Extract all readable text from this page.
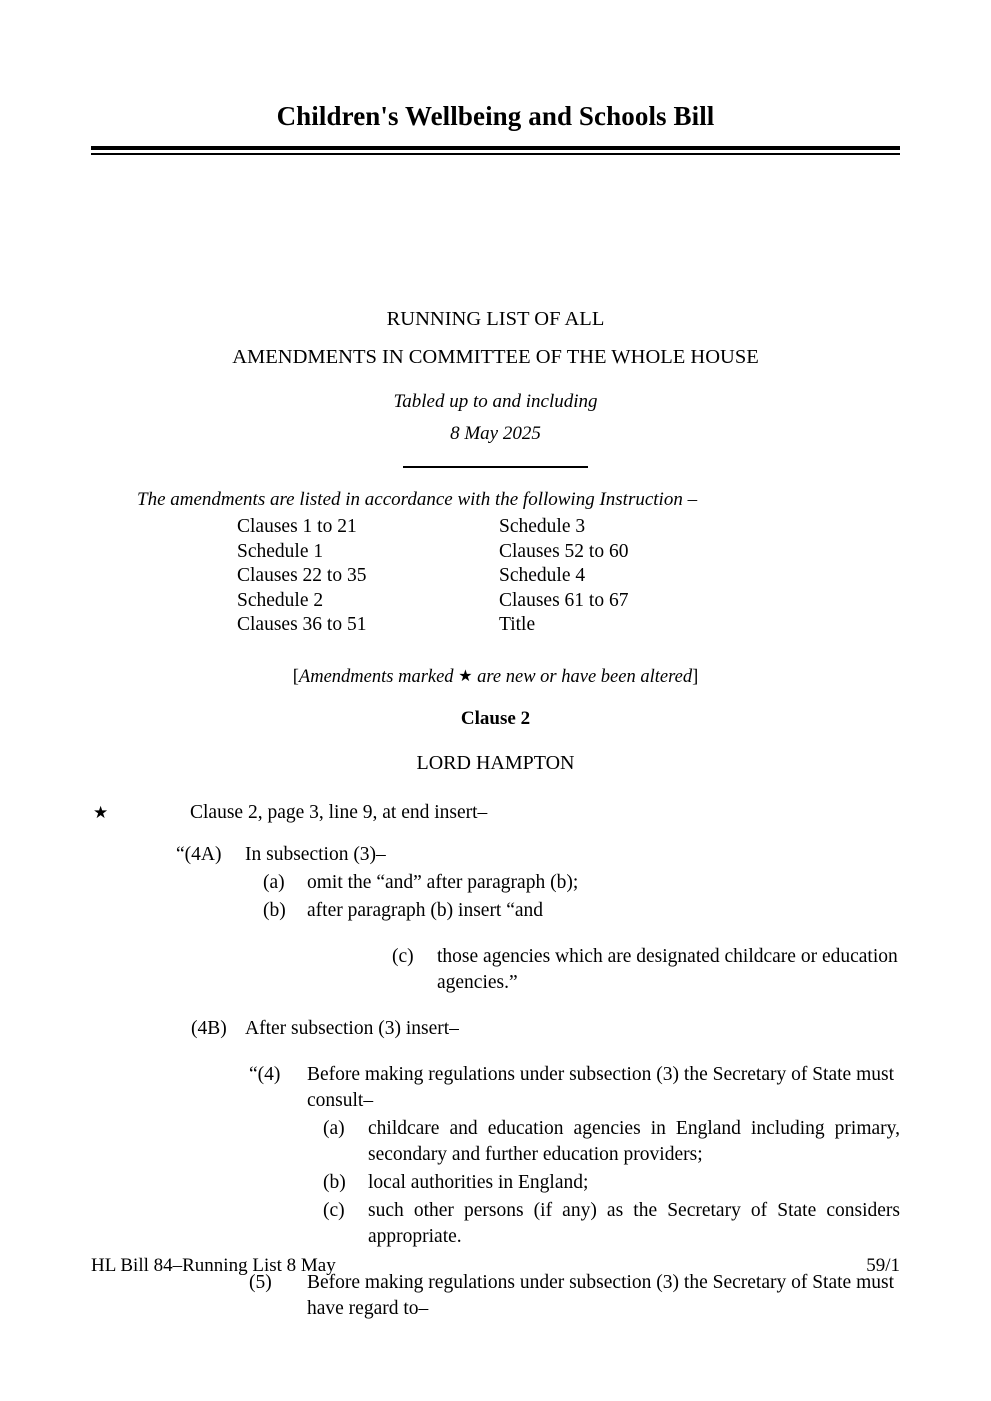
Children's Wellbeing and Schools Bill
RUNNING LIST OF ALL
AMENDMENTS IN COMMITTEE OF THE WHOLE HOUSE
Tabled up to and including
8 May 2025
The amendments are listed in accordance with the following Instruction –
Clauses 1 to 21	Schedule 3
Schedule 1	Clauses 52 to 60
Clauses 22 to 35	Schedule 4
Schedule 2	Clauses 61 to 67
Clauses 36 to 51	Title
[Amendments marked ★ are new or have been altered]
Clause 2
LORD HAMPTON
★	Clause 2, page 3, line 9, at end insert–
“(4A) In subsection (3)–
(a) omit the “and” after paragraph (b);
(b) after paragraph (b) insert “and
(c) those agencies which are designated childcare or education agencies.”
(4B) After subsection (3) insert–
“(4) Before making regulations under subsection (3) the Secretary of State must consult–
(a) childcare and education agencies in England including primary, secondary and further education providers;
(b) local authorities in England;
(c) such other persons (if any) as the Secretary of State considers appropriate.
(5) Before making regulations under subsection (3) the Secretary of State must have regard to–
HL Bill 84–Running List 8 May	59/1
